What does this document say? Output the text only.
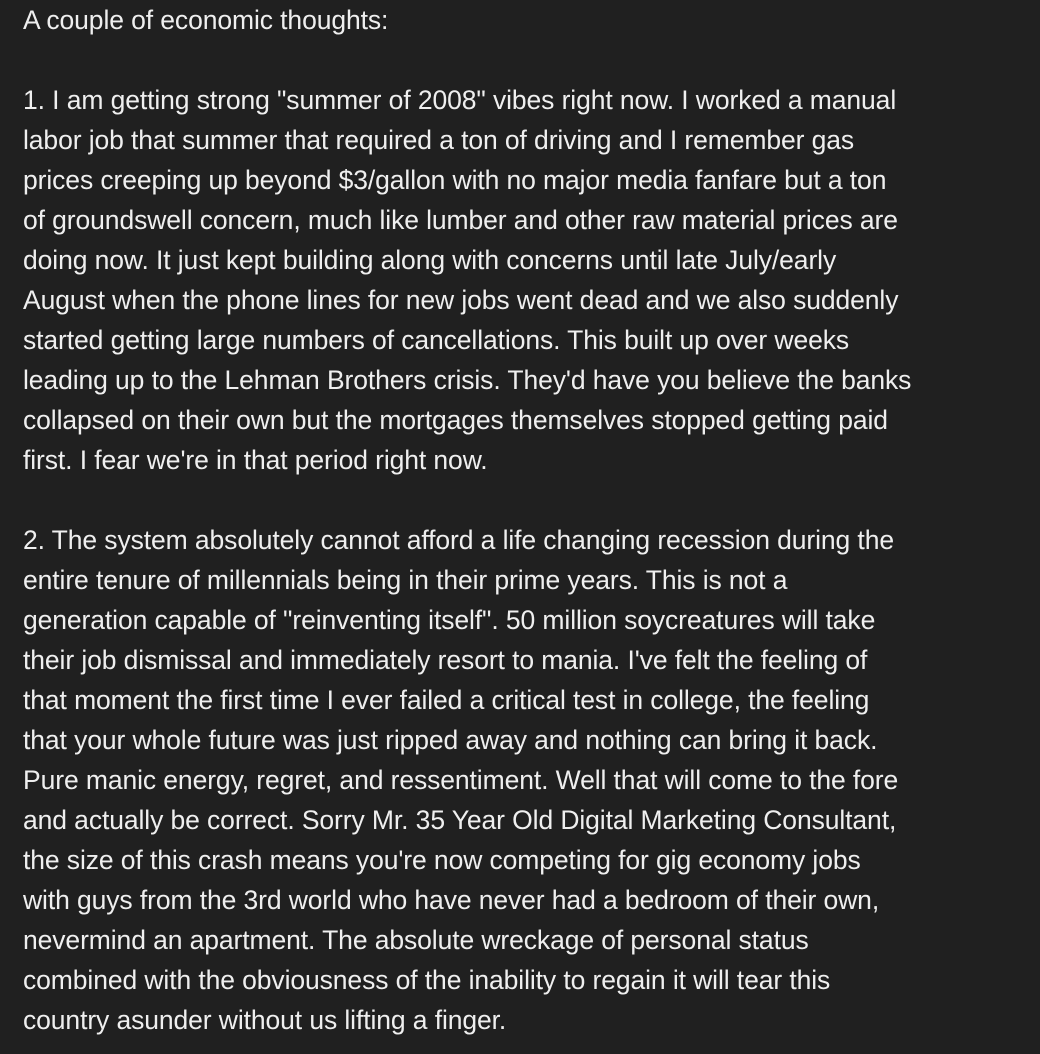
A couple of economic thoughts:
1. I am getting strong "summer of 2008" vibes right now. I worked a manual
labor job that summer that required a ton of driving and I remember gas
prices creeping up beyond $3/gallon with no major media fanfare but a ton
of groundswell concern, much like lumber and other raw material prices are
doing now. It just kept building along with concerns until late July/early
August when the phone lines for new jobs went dead and we also suddenly
started getting large numbers of cancellations. This built up over weeks
leading up to the Lehman Brothers crisis. They'd have you believe the banks
collapsed on their own but the mortgages themselves stopped getting paid
first. I fear we're in that period right now.
2. The system absolutely cannot afford a life changing recession during the
entire tenure of millennials being in their prime years. This is not a
generation capable of "reinventing itself". 50 million soycreatures will take
their job dismissal and immediately resort to mania. I've felt the feeling of
that moment the first time I ever failed a critical test in college, the feeling
that your whole future was just ripped away and nothing can bring it back.
Pure manic energy, regret, and ressentiment. Well that will come to the fore
and actually be correct. Sorry Mr. 35 Year Old Digital Marketing Consultant,
the size of this crash means you're now competing for gig economy jobs
with guys from the 3rd world who have never had a bedroom of their own,
nevermind an apartment. The absolute wreckage of personal status
combined with the obviousness of the inability to regain it will tear this
country asunder without us lifting a finger.
